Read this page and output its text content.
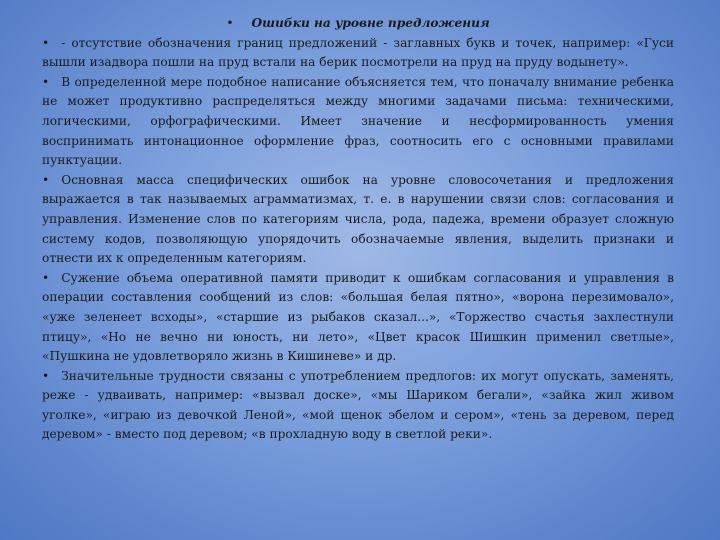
• Ошибки на уровне предложения

• - отсутствие обозначения границ предложений - заглавных букв и точек, например: «Гуси вышли изадвора пошли на пруд встали на берик посмотрели на пруд на пруду водынету».

• В определенной мере подобное написание объясняется тем, что поначалу внимание ребенка не может продуктивно распределяться между многими задачами письма: техническими, логическими, орфографическими. Имеет значение и несформированность умения воспринимать интонационное оформление фраз, соотносить его с основными правилами пунктуации.

• Основная масса специфических ошибок на уровне словосочетания и предложения выражается в так называемых аграмматизмах, т. е. в нарушении связи слов: согласования и управления. Изменение слов по категориям числа, рода, падежа, времени образует сложную систему кодов, позволяющую упорядочить обозначаемые явления, выделить признаки и отнести их к определенным категориям.

• Сужение объема оперативной памяти приводит к ошибкам согласования и управления в операции составления сообщений из слов: «большая белая пятно», «ворона перезимовало», «уже зеленеет всходы», «старшие из рыбаков сказал...», «Торжество счастья захлестнули птицу», «Но не вечно ни юность, ни лето», «Цвет красок Шишкин применил светлые», «Пушкина не удовлетворяло жизнь в Кишиневе» и др.

• Значительные трудности связаны с употреблением предлогов: их могут опускать, заменять, реже - удваивать, например: «вызвал доске», «мы Шариком бегали», «зайка жил живом уголке», «играю из девочкой Леной», «мой щенок эбелом и сером», «тень за деревом, перед деревом» - вместо под деревом; «в прохладную воду в светлой реки».
